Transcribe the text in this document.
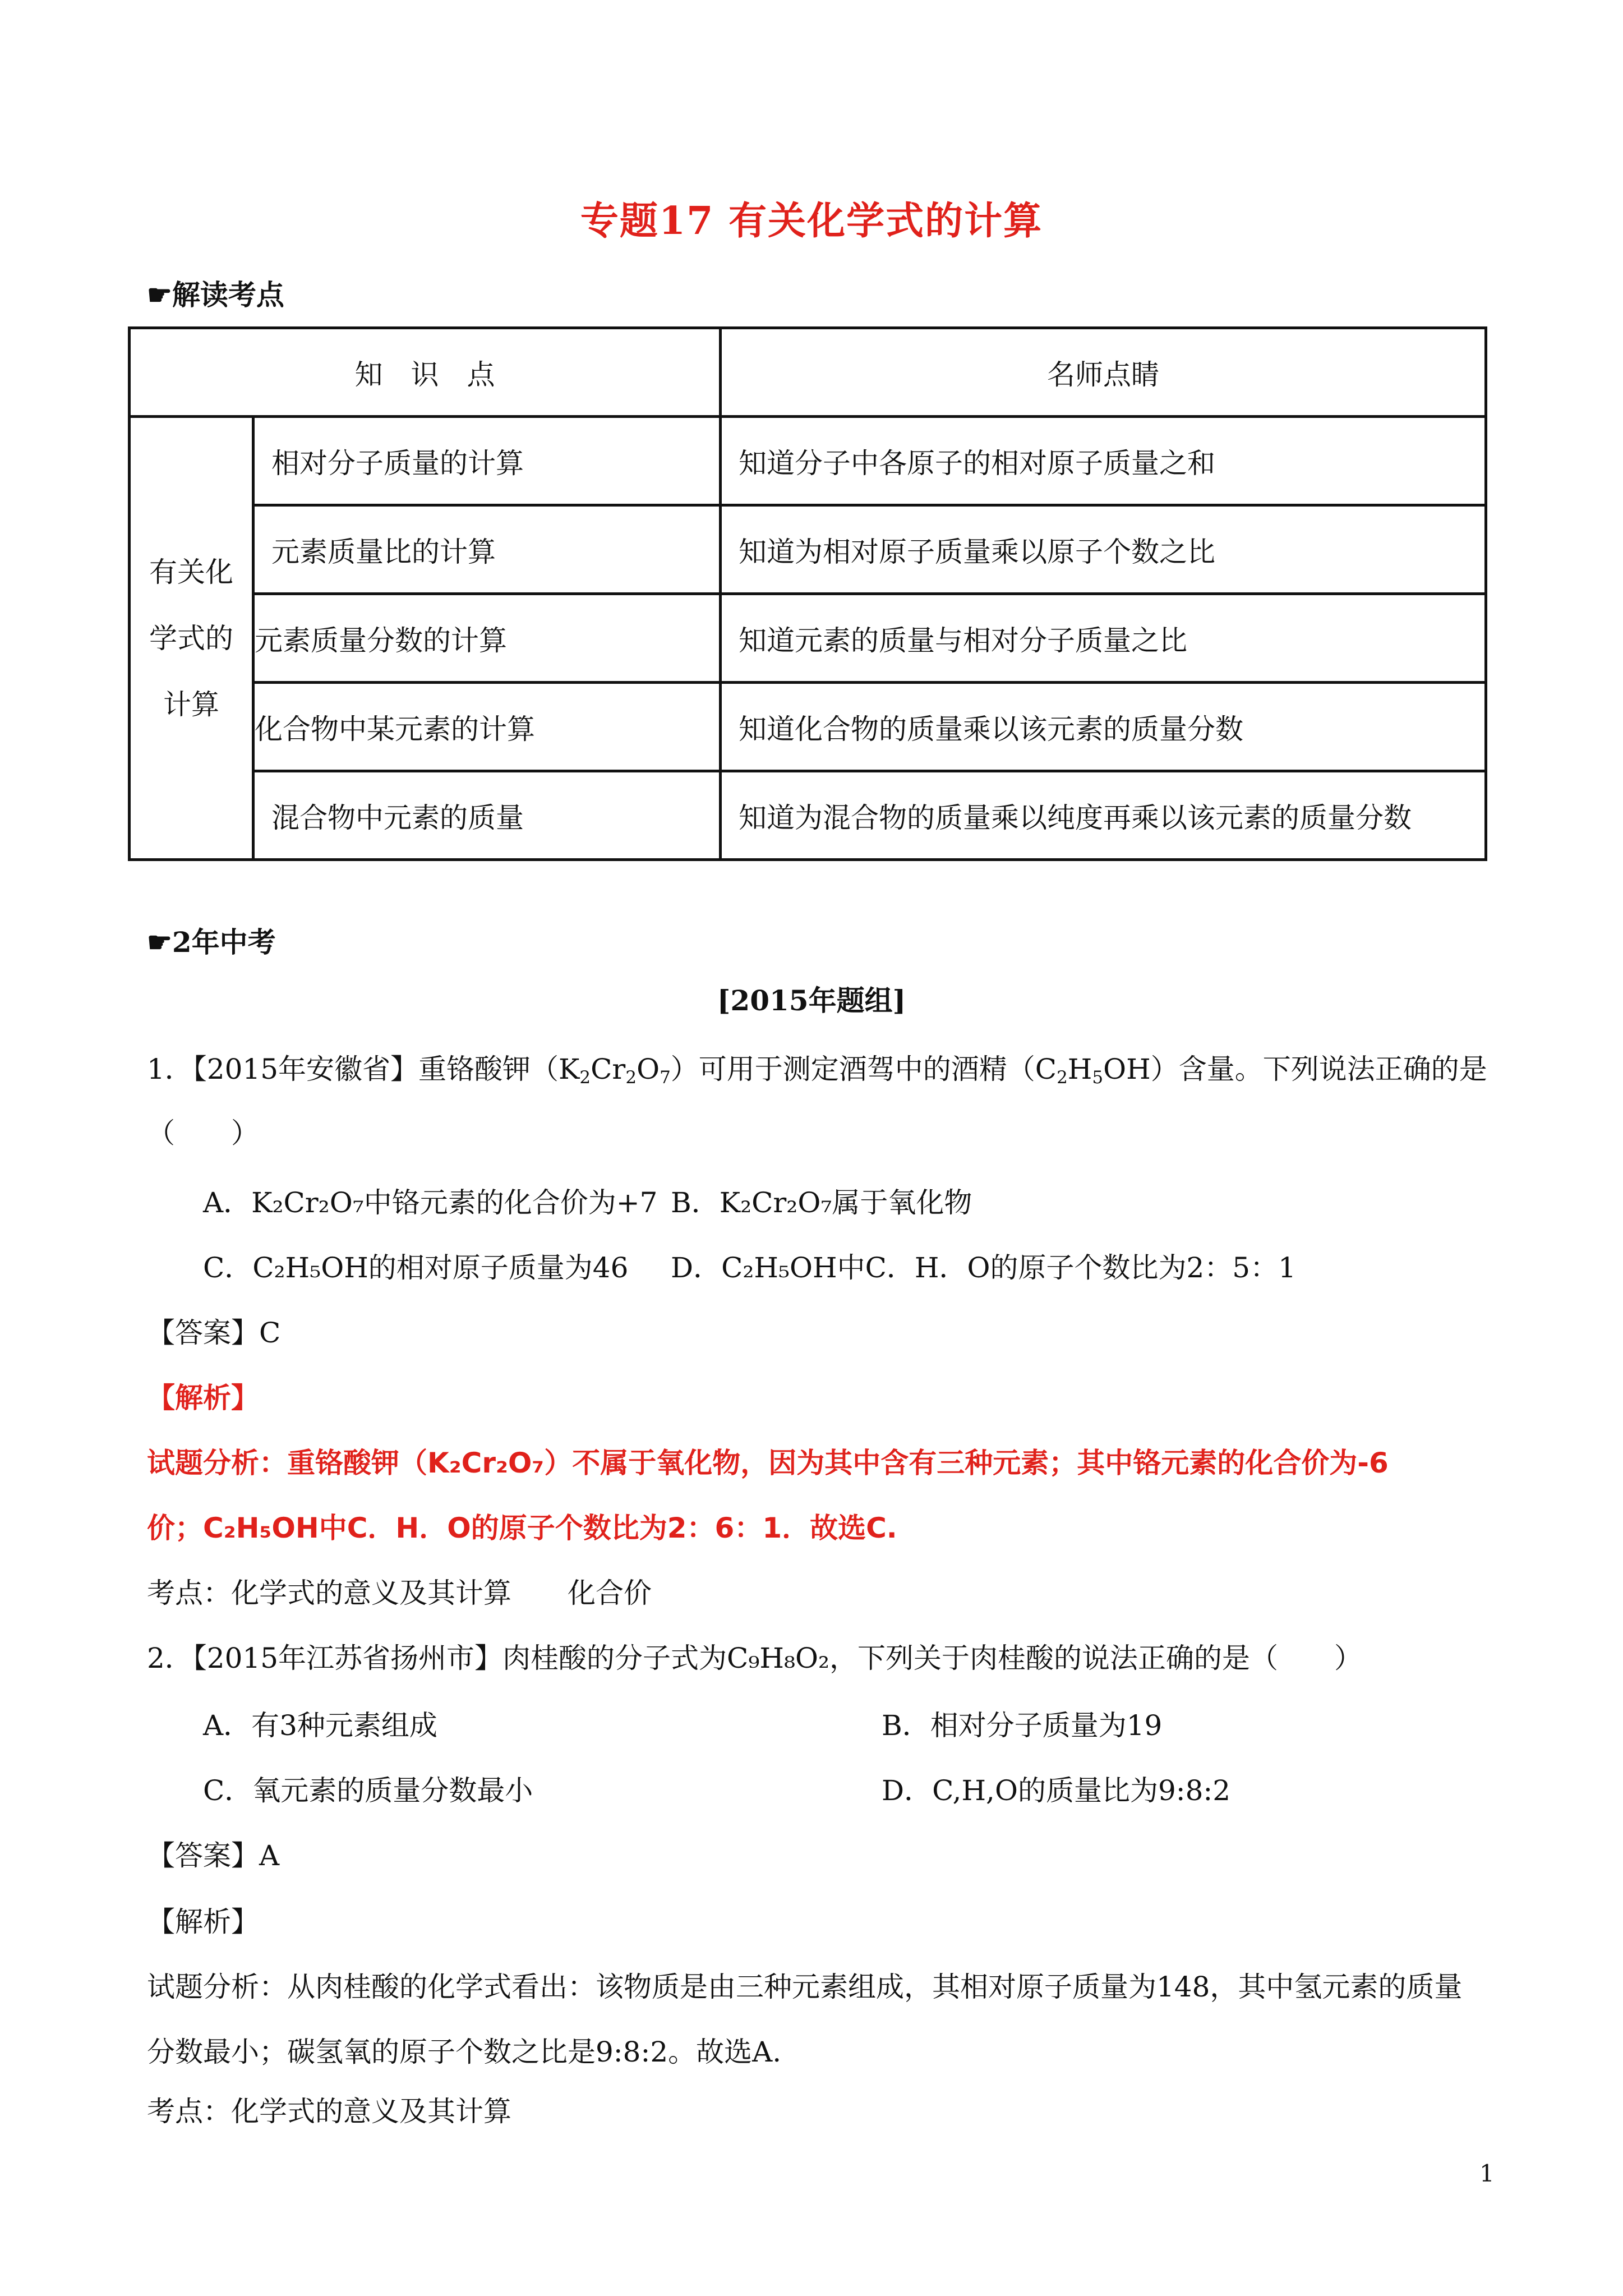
专题17 有关化学式的计算
☛解读考点
知　识　点		名师点睛

有关化
学式的
计算	相对分子质量的计算	知道分子中各原子的相对原子质量之和
	元素质量比的计算	知道为相对原子质量乘以原子个数之比
	元素质量分数的计算	知道元素的质量与相对分子质量之比
	化合物中某元素的计算	知道化合物的质量乘以该元素的质量分数
	混合物中元素的质量	知道为混合物的质量乘以纯度再乘以该元素的质量分数
☛2年中考
[2015年题组]
1．【2015年安徽省】重铬酸钾$(K_2Cr_2O_7)$可用于测定酒驾中的酒精$(C_2H_5OH)$含量。下列说法正确的是
（　　）
A．K₂Cr₂O₇中铬元素的化合价为+7 B．K₂Cr₂O₇属于氧化物
C．C₂H₅OH的相对原子质量为46 D．C₂H₅OH中C．H．O的原子个数比为2：5：1
【答案】C
【解析】
试题分析：重铬酸钾（K₂Cr₂O₇）不属于氧化物，因为其中含有三种元素；其中铬元素的化合价为-6
价；C₂H₅OH中C．H．O的原子个数比为2：6：1．故选C.
考点：化学式的意义及其计算　　化合价
2．【2015年江苏省扬州市】肉桂酸的分子式为C₉H₈O₂，下列关于肉桂酸的说法正确的是（　　）
A．有3种元素组成	B．相对分子质量为19
C．氧元素的质量分数最小	D．C,H,O的质量比为9:8:2
【答案】A
【解析】
试题分析：从肉桂酸的化学式看出：该物质是由三种元素组成，其相对原子质量为148，其中氢元素的质量
分数最小；碳氢氧的原子个数之比是9:8:2。故选A.
考点：化学式的意义及其计算
1
